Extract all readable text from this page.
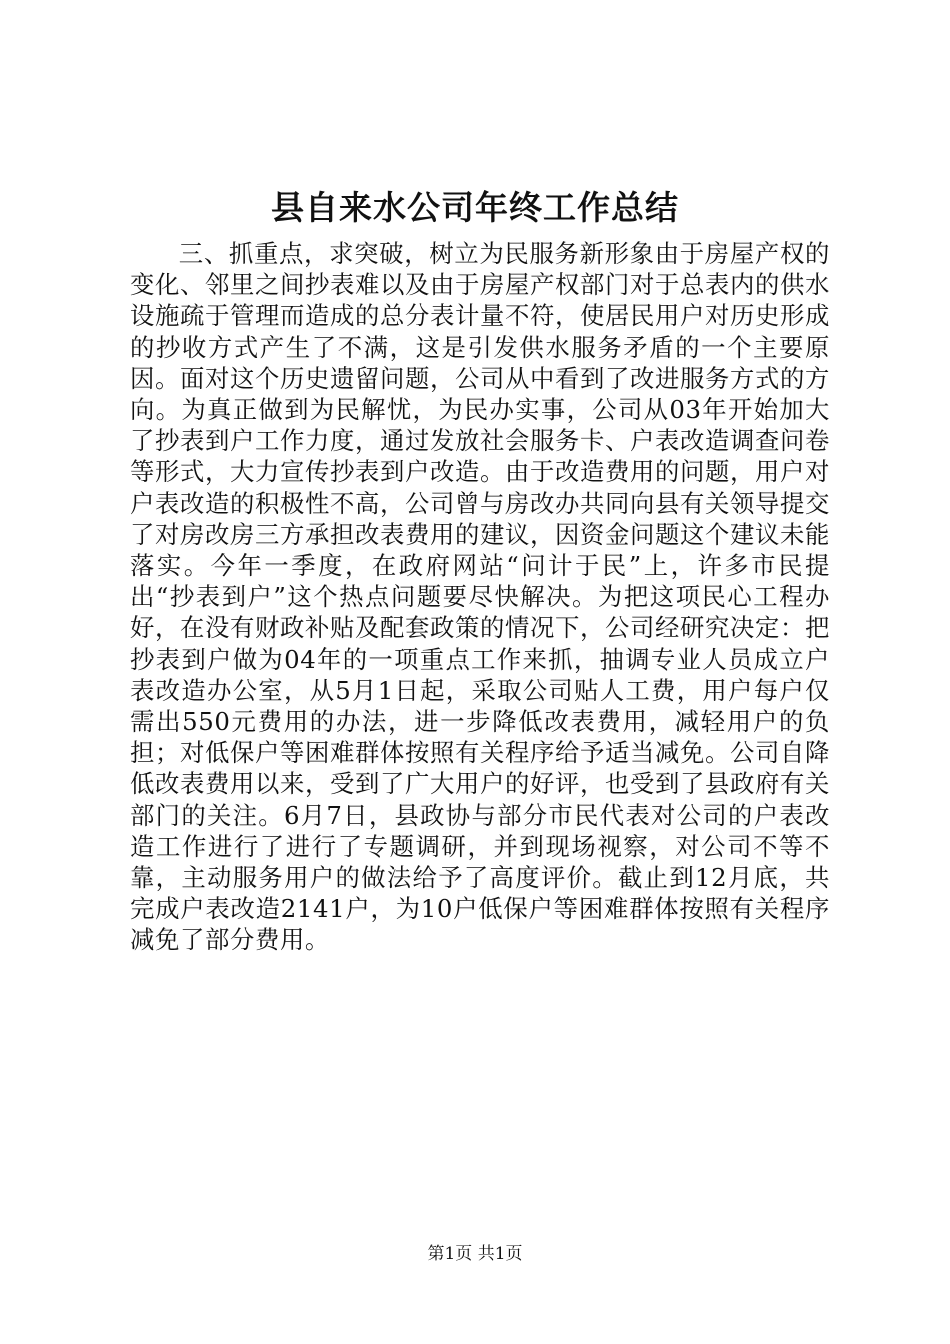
县自来水公司年终工作总结

三、抓重点，求突破，树立为民服务新形象由于房屋产权的变化、邻里之间抄表难以及由于房屋产权部门对于总表内的供水设施疏于管理而造成的总分表计量不符，使居民用户对历史形成的抄收方式产生了不满，这是引发供水服务矛盾的一个主要原因。面对这个历史遗留问题，公司从中看到了改进服务方式的方向。为真正做到为民解忧，为民办实事，公司从03年开始加大了抄表到户工作力度，通过发放社会服务卡、户表改造调查问卷等形式，大力宣传抄表到户改造。由于改造费用的问题，用户对户表改造的积极性不高，公司曾与房改办共同向县有关领导提交了对房改房三方承担改表费用的建议，因资金问题这个建议未能落实。今年一季度，在政府网站“问计于民”上，许多市民提出“抄表到户”这个热点问题要尽快解决。为把这项民心工程办好，在没有财政补贴及配套政策的情况下，公司经研究决定：把抄表到户做为04年的一项重点工作来抓，抽调专业人员成立户表改造办公室，从5月1日起，采取公司贴人工费，用户每户仅需出550元费用的办法，进一步降低改表费用，减轻用户的负担；对低保户等困难群体按照有关程序给予适当减免。公司自降低改表费用以来，受到了广大用户的好评，也受到了县政府有关部门的关注。6月7日，县政协与部分市民代表对公司的户表改造工作进行了进行了专题调研，并到现场视察，对公司不等不靠，主动服务用户的做法给予了高度评价。截止到12月底，共完成户表改造2141户，为10户低保户等困难群体按照有关程序减免了部分费用。

第1页 共1页
